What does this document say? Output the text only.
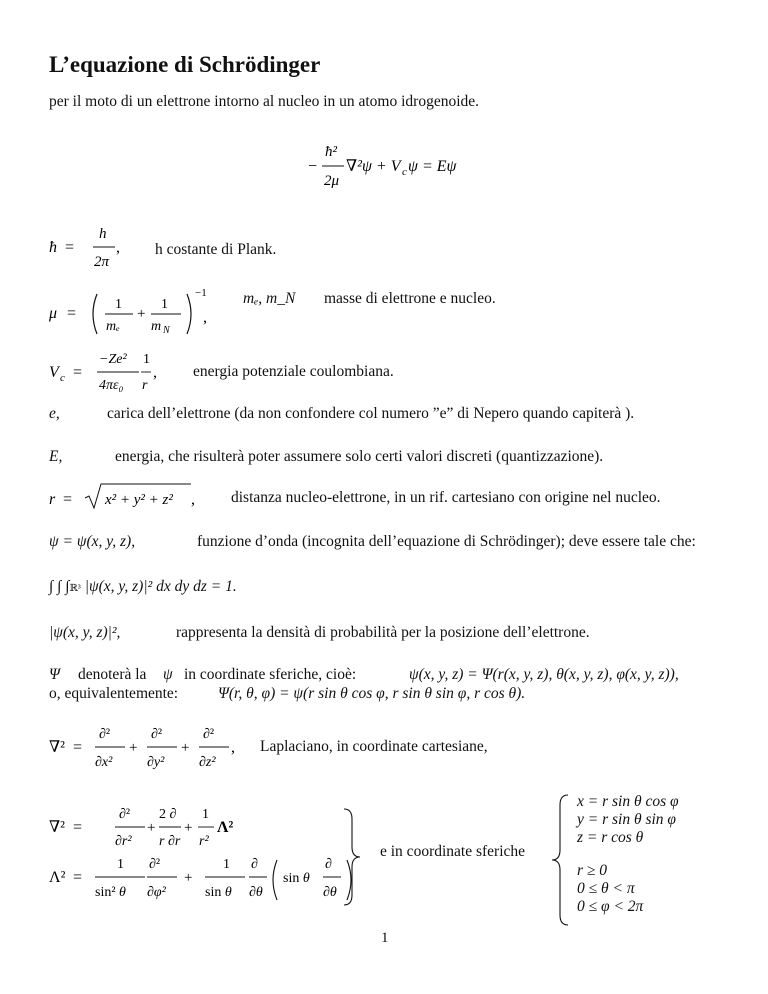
L’equazione di Schrödinger
per il moto di un elettrone intorno al nucleo in un atomo idrogenoide.
−
ħ²
2μ
∇²ψ + V c ψ = Eψ
ħ =
h
2π
, h costante di Plank.
μ =
1
mₑ
+
1
m N
−1
,
mₑ, m_N masse di elettrone e nucleo.
V c =
−Ze²
4πε₀
1
r
, energia potenziale coulombiana.
e,	carica dell’elettrone (da non confondere col numero ”e” di Nepero quando capiterà ).
E,	energia, che risulterà poter assumere solo certi valori discreti (quantizzazione).
r = x² + y² + z² , distanza nucleo-elettrone, in un rif. cartesiano con origine nel nucleo.
ψ = ψ(x, y, z),	funzione d’onda (incognita dell’equazione di Schrödinger); deve essere tale che:
∫ ∫ ∫ℝ³ |ψ(x, y, z)|² dx dy dz = 1.
|ψ(x, y, z)|²,	rappresenta la densità di probabilità per la posizione dell’elettrone.
Ψ denoterà la ψ in coordinate sferiche, cioè:	ψ(x, y, z) = Ψ(r(x, y, z), θ(x, y, z), φ(x, y, z)),
o, equivalentemente:	Ψ(r, θ, φ) = ψ(r sin θ cos φ, r sin θ sin φ, r cos θ).
∇² =
∂²
∂x²
+
∂²
∂y²
+
∂²
∂z²
, Laplaciano, in coordinate cartesiane,
∇² =
∂²
∂r²
+
2 ∂
r ∂r
+
1
r²
Λ²
Λ² =
1
sin² θ
∂²
∂φ²
+
1
sin θ
∂
∂θ
sin θ
∂
∂θ
e in coordinate sferiche
x = r sin θ cos φ
y = r sin θ sin φ
z = r cos θ
r ≥ 0
0 ≤ θ < π
0 ≤ φ < 2π
1
